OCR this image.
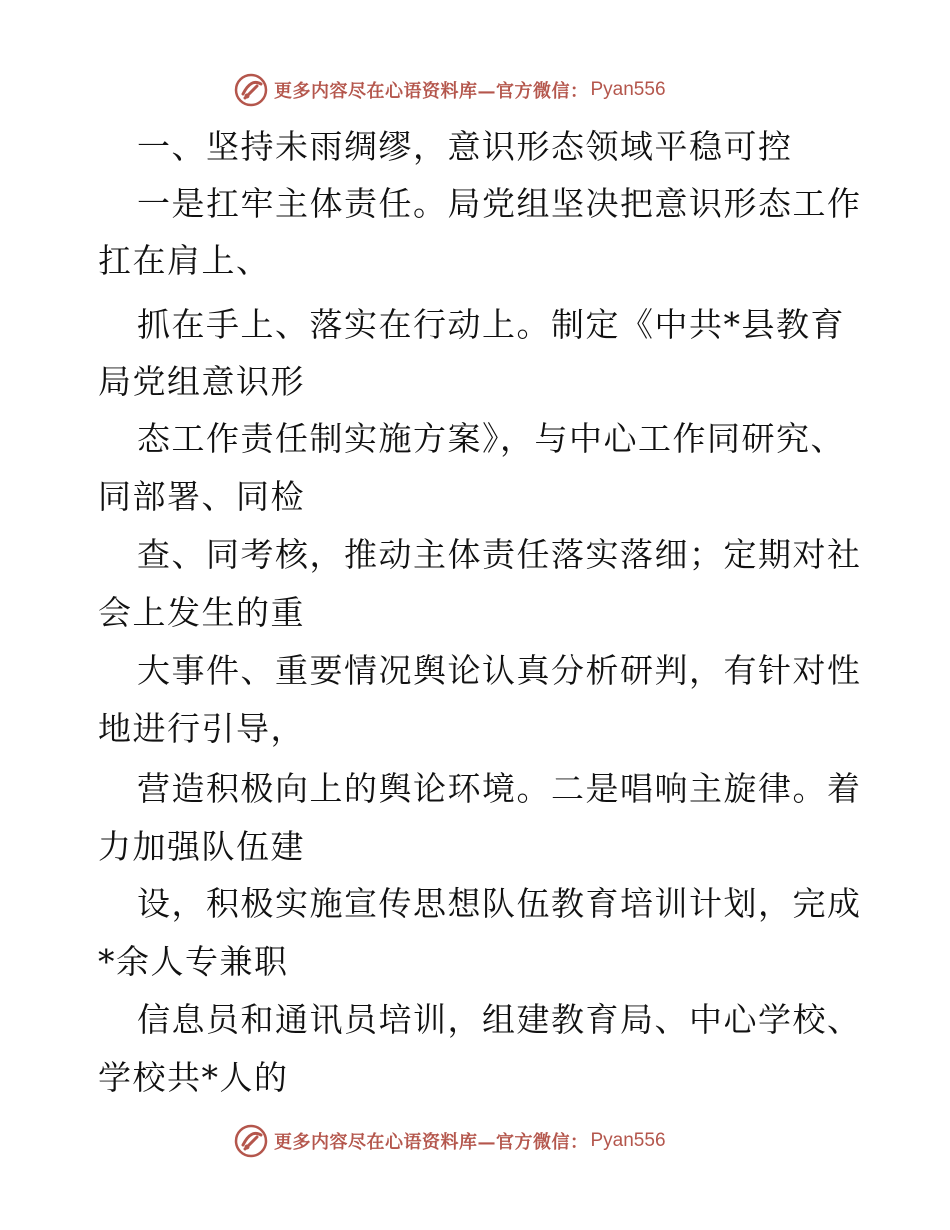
更多内容尽在心语资料库—官方微信： Pyan556
一、坚持未雨绸缪，意识形态领域平稳可控
一是扛牢主体责任。局党组坚决把意识形态工作
扛在肩上、
抓在手上、落实在行动上。制定《中共*县教育
局党组意识形
态工作责任制实施方案》，与中心工作同研究、
同部署、同检
查、同考核，推动主体责任落实落细；定期对社
会上发生的重
大事件、重要情况舆论认真分析研判，有针对性
地进行引导，
营造积极向上的舆论环境。二是唱响主旋律。着
力加强队伍建
设，积极实施宣传思想队伍教育培训计划，完成
*余人专兼职
信息员和通讯员培训，组建教育局、中心学校、
学校共*人的
更多内容尽在心语资料库—官方微信： Pyan556
